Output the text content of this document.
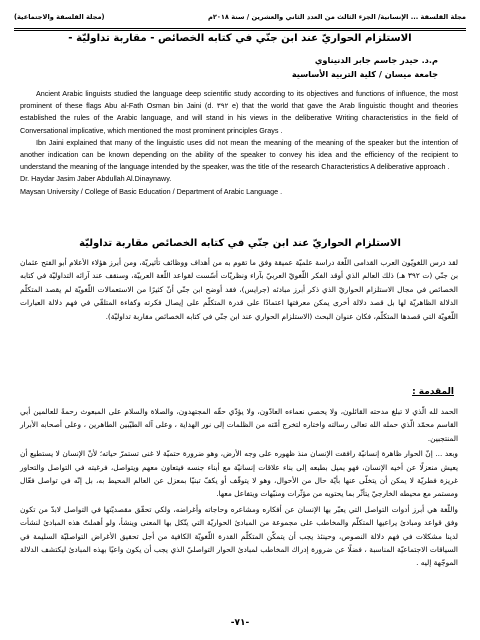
(مجلة الفلسفة والاجتماعية)	مجلة الفلسفة ... الإنسانية/ الجزء الثالث من العدد الثاني والعشرين / سنة ٢٠١٨م
الاستلزام الحواريّ عند ابن جنّي في كتابه الخصائص - مقاربة تداوليّة -
م.د. حيدر جاسم جابر الدنيناوي
جامعة ميسان / كلية التربية الأساسية

Ancient Arabic linguists studied the language deep scientific study according to its objectives and functions of influence, the most prominent of these flags Abu al-Fath Osman bin Jaini (d. ٣٩٢ e) that the world that gave the Arab linguistic thought and theories established the rules of the Arabic language, and will stand in his views in the deliberative Writing characteristics in the field of Conversational implicative, which mentioned the most prominent principles Grays .

Ibn Jaini explained that many of the linguistic uses did not mean the meaning of the meaning of the speaker but the intention of another indication can be known depending on the ability of the speaker to convey his idea and the efficiency of the recipient to understand the meaning of the language intended by the speaker, was the title of the research Characteristics A deliberative approach .

Dr. Haydar Jasim Jaber Abdullah Al.Dinaynawy.

Maysan University / College of Basic Education / Department of Arabic Language .

الاستلزام الحواريّ عند ابن جنّي في كتابه الخصائص مقاربة تداوليّة

لقد درس اللغويّون العرب القدامى اللّغة دراسة علميّة عميقة وفق ما تقوم به من أهداف ووظائف تأثيريّة، ومن أبرز هؤلاء الأعلام أبو الفتح عثمان بن جنّي (ت ٣٩٢ هـ) ذلك العالم الذي أوقد الفكر اللّغويّ العربيّ بآراء ونظريّات أسّست لقواعد اللّغة العربيّة، وسنقف عند آرائه التداوليّة في كتابه الخصائص في مجال الاستلزام الحواريّ الذي ذكر أبرز مبادئه (جرايس)، فقد أوضح ابن جنّي أنّ كثيرًا من الاستعمالات اللّغويّة لم يقصد المتكلّم الدلالة الظاهريّة لها بل قصد دلالة أخرى يمكن معرفتها اعتمادًا على قدرة المتكلّم على إيصال فكرته وكفاءة المتلقّي في فهم دلالة العبارات اللّغويّة التي قصدها المتكلّم، فكان عنوان البحث (الاستلزام الحواري عند ابن جنّي في كتابه الخصائص مقاربة تداوليّة).

المقدمة :

الحمد لله الّذي لا تبلغ مدحته القائلون، ولا يحصي نعماءه العادّون، ولا يؤدّي حقّه المجتهدون، والصلاة والسلام على المبعوث رحمةً للعالمين أبي القاسم محمّد الّذي حمله الله تعالى رسالته واختاره لتخرج أمّته من الظلمات إلى نور الهداية ، وعلى آله الطيّبين الطاهرين ، وعلى أصحابه الأبرار المنتجبين.

وبعد ... إنّ الحوار ظاهرة إنسانيّة رافقت الإنسان منذ ظهوره على وجه الأرض، وهو ضرورة حتميّة لا غنى تستمرّ حياته؛ لأنّ الإنسان لا يستطيع أن يعيش منعزلًا عن أخيه الإنسان، فهو يميل بطبعه إلى بناء علاقات إنسانيّة مع أبناء جنسه فيتعاون معهم ويتواصل، فرغبته في التواصل والتحاور غريزة فطريّة لا يمكن أن يتخلّى عنها بأيّة حال من الأحوال، وهو لا يتوقّف أو يكفّ تبنيّا بمعزل عن العالم المحيط به، بل إنّه في تواصل فعّال ومستمر مع محيطه الخارجيّ يتأثّر بما يحتويه من مؤثّرات ومنبّهات ويتفاعل معها.

واللّغة هي أبرز أدوات التواصل التي يعبّر بها الإنسان عن أفكاره ومشاعره وحاجاته وأغراضه، ولكي تحقّق مقصديّتها في التواصل لابدّ من تكون وفق قواعد ومبادئ يراعيها المتكلّم والمخاطب على مجموعة من المبادئ الحواريّة التي يتّكل بها المعنى وينشأ، ولو أهملتّ هذه المبادئ لنشأت لدينا مشكلات في فهم دلالة النصوص، وحينئذ يجب أن يتمكّن المتكلّم القدرة اللّغويّة الكافية من أجل تحقيق الأغراض التواصليّة السليمة في السياقات الاجتماعيّة المناسبة ، فضلًا عن ضرورة إدراك المخاطب لمبادئ الحوار التواصليّ الذي يجب أن يكون واعيًا بهذه المبادئ ليكتشف الدلالة الموجّهة إليه .

-٧١-
